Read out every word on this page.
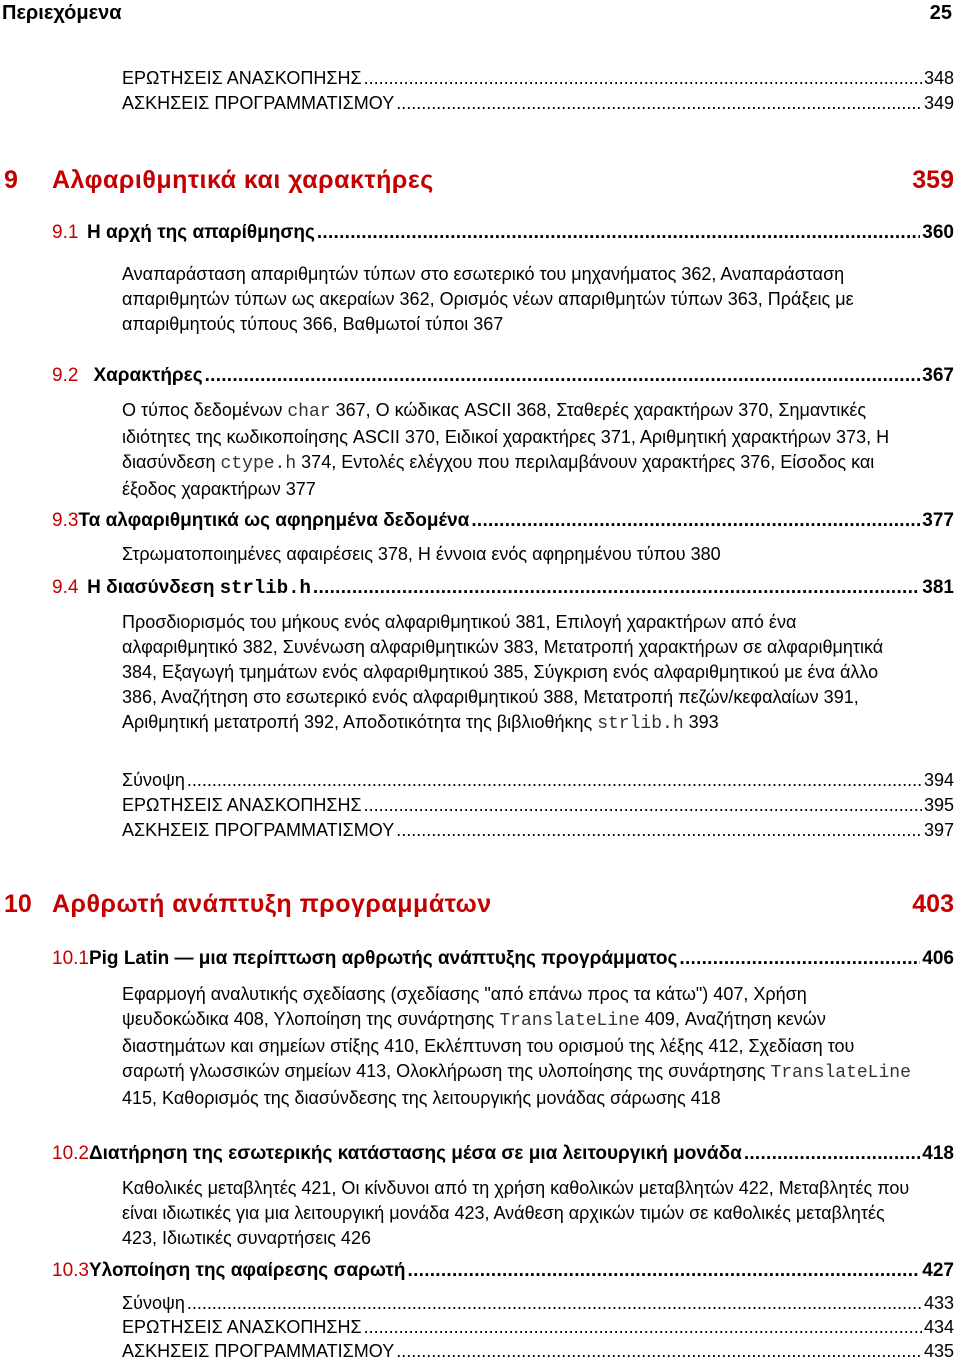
Περιεχόμενα	25
ΕΡΩΤΗΣΕΙΣ ΑΝΑΣΚΟΠΗΣΗΣ . . .	348
ΑΣΚΗΣΕΙΣ ΠΡΟΓΡΑΜΜΑΤΙΣΜΟΥ . . .	349
9	Αλφαριθμητικά και χαρακτήρες	359
9.1 Η αρχή της απαρίθμησης . . .	360
Αναπαράσταση απαριθμητών τύπων στο εσωτερικό του μηχανήματος 362, Αναπαράσταση απαριθμητών τύπων ως ακεραίων 362, Ορισμός νέων απαριθμητών τύπων 363, Πράξεις με απαριθμητούς τύπους 366, Βαθμωτοί τύποι 367
9.2 Χαρακτήρες . . .	367
Ο τύπος δεδομένων char 367, Ο κώδικας ASCII 368, Σταθερές χαρακτήρων 370, Σημαντικές ιδιότητες της κωδικοποίησης ASCII 370, Ειδικοί χαρακτήρες 371, Αριθμητική χαρακτήρων 373, Η διασύνδεση ctype.h 374, Εντολές ελέγχου που περιλαμβάνουν χαρακτήρες 376, Είσοδος και έξοδος χαρακτήρων 377
9.3 Τα αλφαριθμητικά ως αφηρημένα δεδομένα . . .	377
Στρωματοποιημένες αφαιρέσεις 378, Η έννοια ενός αφηρημένου τύπου 380
9.4 Η διασύνδεση strlib.h . . .	381
Προσδιορισμός του μήκους ενός αλφαριθμητικού 381, Επιλογή χαρακτήρων από ένα αλφαριθμητικό 382, Συνένωση αλφαριθμητικών 383, Μετατροπή χαρακτήρων σε αλφαριθμητικά 384, Εξαγωγή τμημάτων ενός αλφαριθμητικού 385, Σύγκριση ενός αλφαριθμητικού με ένα άλλο 386, Αναζήτηση στο εσωτερικό ενός αλφαριθμητικού 388, Μετατροπή πεζών/κεφαλαίων 391, Αριθμητική μετατροπή 392, Αποδοτικότητα της βιβλιοθήκης strlib.h 393
Σύνοψη . . .	394
ΕΡΩΤΗΣΕΙΣ ΑΝΑΣΚΟΠΗΣΗΣ . . .	395
ΑΣΚΗΣΕΙΣ ΠΡΟΓΡΑΜΜΑΤΙΣΜΟΥ . . .	397
10 Αρθρωτή ανάπτυξη προγραμμάτων	403
10.1 Pig Latin — μια περίπτωση αρθρωτής ανάπτυξης προγράμματος . . .	406
Εφαρμογή αναλυτικής σχεδίασης (σχεδίασης "από επάνω προς τα κάτω") 407, Χρήση ψευδοκώδικα 408, Υλοποίηση της συνάρτησης TranslateLine 409, Αναζήτηση κενών διαστημάτων και σημείων στίξης 410, Εκλέπτυνση του ορισμού της λέξης 412, Σχεδίαση του σαρωτή γλωσσικών σημείων 413, Ολοκλήρωση της υλοποίησης της συνάρτησης TranslateLine 415, Καθορισμός της διασύνδεσης της λειτουργικής μονάδας σάρωσης 418
10.2 Διατήρηση της εσωτερικής κατάστασης μέσα σε μια λειτουργική μονάδα . . .	418
Καθολικές μεταβλητές 421, Οι κίνδυνοι από τη χρήση καθολικών μεταβλητών 422, Μεταβλητές που είναι ιδιωτικές για μια λειτουργική μονάδα 423, Ανάθεση αρχικών τιμών σε καθολικές μεταβλητές 423, Ιδιωτικές συναρτήσεις 426
10.3 Υλοποίηση της αφαίρεσης σαρωτή . . .	427
Σύνοψη . . .	433
ΕΡΩΤΗΣΕΙΣ ΑΝΑΣΚΟΠΗΣΗΣ . . .	434
ΑΣΚΗΣΕΙΣ ΠΡΟΓΡΑΜΜΑΤΙΣΜΟΥ . . .	435
